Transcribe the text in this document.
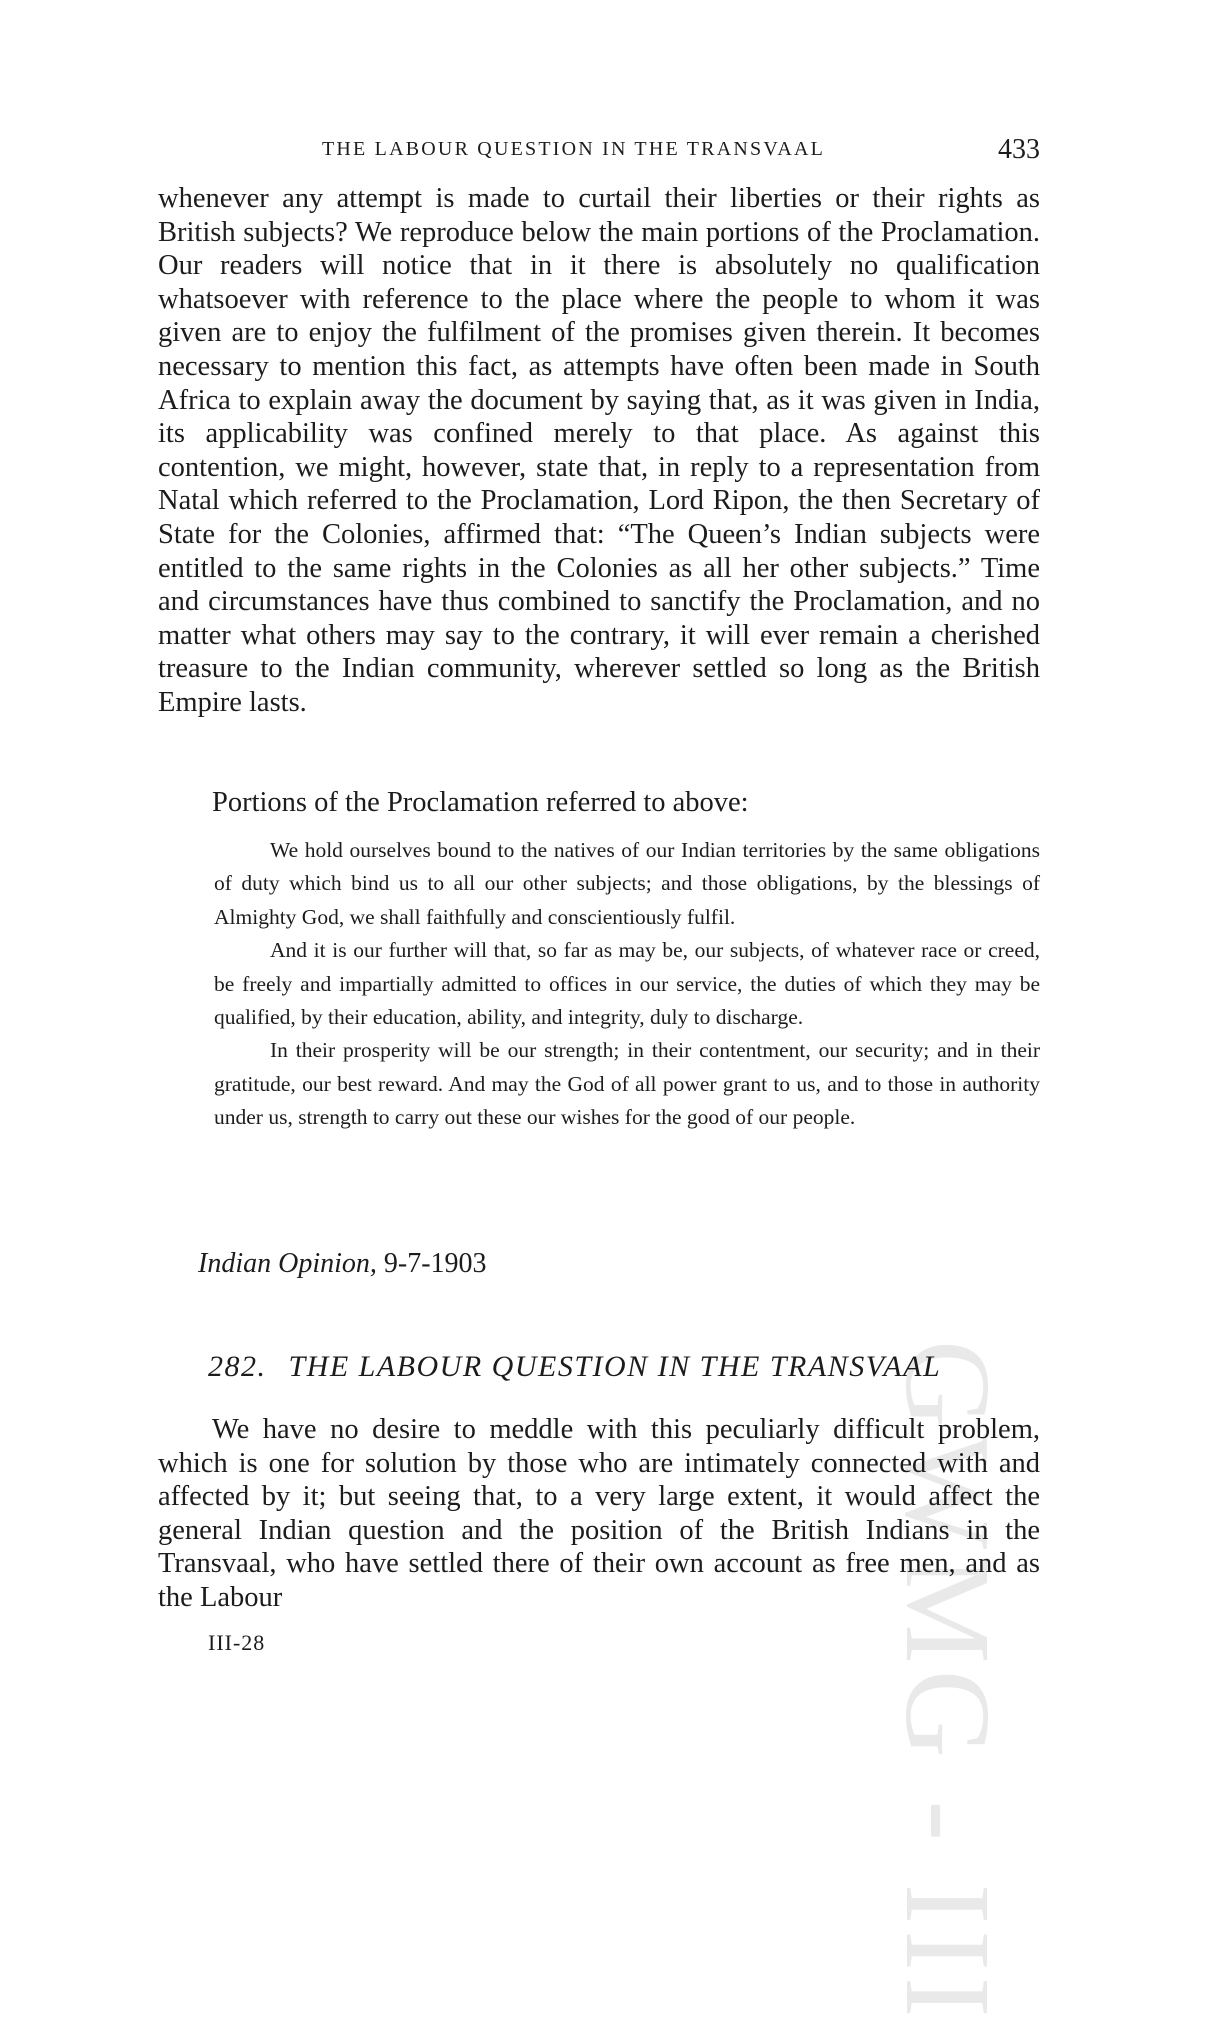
GWMG - III
THE LABOUR QUESTION IN THE TRANSVAAL	433

whenever any attempt is made to curtail their liberties or their rights as British subjects? We reproduce below the main portions of the Proclamation. Our readers will notice that in it there is absolutely no qualification whatsoever with reference to the place where the people to whom it was given are to enjoy the fulfilment of the promises given therein. It becomes necessary to mention this fact, as attempts have often been made in South Africa to explain away the document by saying that, as it was given in India, its applicability was confined merely to that place. As against this contention, we might, however, state that, in reply to a representation from Natal which referred to the Proclamation, Lord Ripon, the then Secretary of State for the Colonies, affirmed that: “The Queen’s Indian subjects were entitled to the same rights in the Colonies as all her other subjects.” Time and circumstances have thus combined to sanctify the Proclamation, and no matter what others may say to the contrary, it will ever remain a cherished treasure to the Indian community, wherever settled so long as the British Empire lasts.

Portions of the Proclamation referred to above:

We hold ourselves bound to the natives of our Indian territories by the same obligations of duty which bind us to all our other subjects; and those obligations, by the blessings of Almighty God, we shall faithfully and conscientiously fulfil.

And it is our further will that, so far as may be, our subjects, of whatever race or creed, be freely and impartially admitted to offices in our service, the duties of which they may be qualified, by their education, ability, and integrity, duly to discharge.

In their prosperity will be our strength; in their contentment, our security; and in their gratitude, our best reward. And may the God of all power grant to us, and to those in authority under us, strength to carry out these our wishes for the good of our people.

Indian Opinion, 9-7-1903
282. THE LABOUR QUESTION IN THE TRANSVAAL

We have no desire to meddle with this peculiarly difficult problem, which is one for solution by those who are intimately connected with and affected by it; but seeing that, to a very large extent, it would affect the general Indian question and the position of the British Indians in the Transvaal, who have settled there of their own account as free men, and as the Labour

III-28
